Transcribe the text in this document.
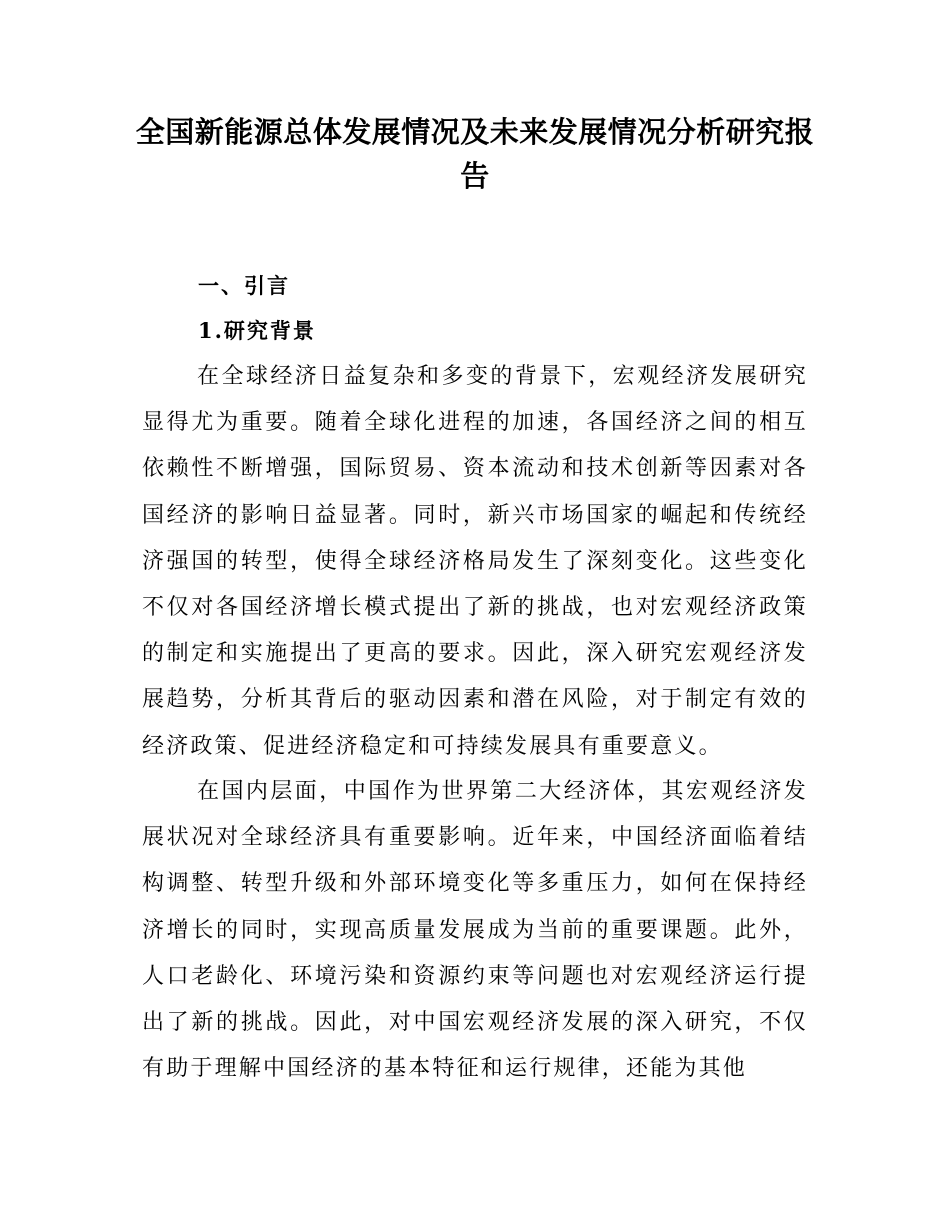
全国新能源总体发展情况及未来发展情况分析研究报告
一、引言
1.研究背景

在全球经济日益复杂和多变的背景下，宏观经济发展研究显得尤为重要。随着全球化进程的加速，各国经济之间的相互依赖性不断增强，国际贸易、资本流动和技术创新等因素对各国经济的影响日益显著。同时，新兴市场国家的崛起和传统经济强国的转型，使得全球经济格局发生了深刻变化。这些变化不仅对各国经济增长模式提出了新的挑战，也对宏观经济政策的制定和实施提出了更高的要求。因此，深入研究宏观经济发展趋势，分析其背后的驱动因素和潜在风险，对于制定有效的经济政策、促进经济稳定和可持续发展具有重要意义。

在国内层面，中国作为世界第二大经济体，其宏观经济发展状况对全球经济具有重要影响。近年来，中国经济面临着结构调整、转型升级和外部环境变化等多重压力，如何在保持经济增长的同时，实现高质量发展成为当前的重要课题。此外，人口老龄化、环境污染和资源约束等问题也对宏观经济运行提出了新的挑战。因此，对中国宏观经济发展的深入研究，不仅有助于理解中国经济的基本特征和运行规律，还能为其他
